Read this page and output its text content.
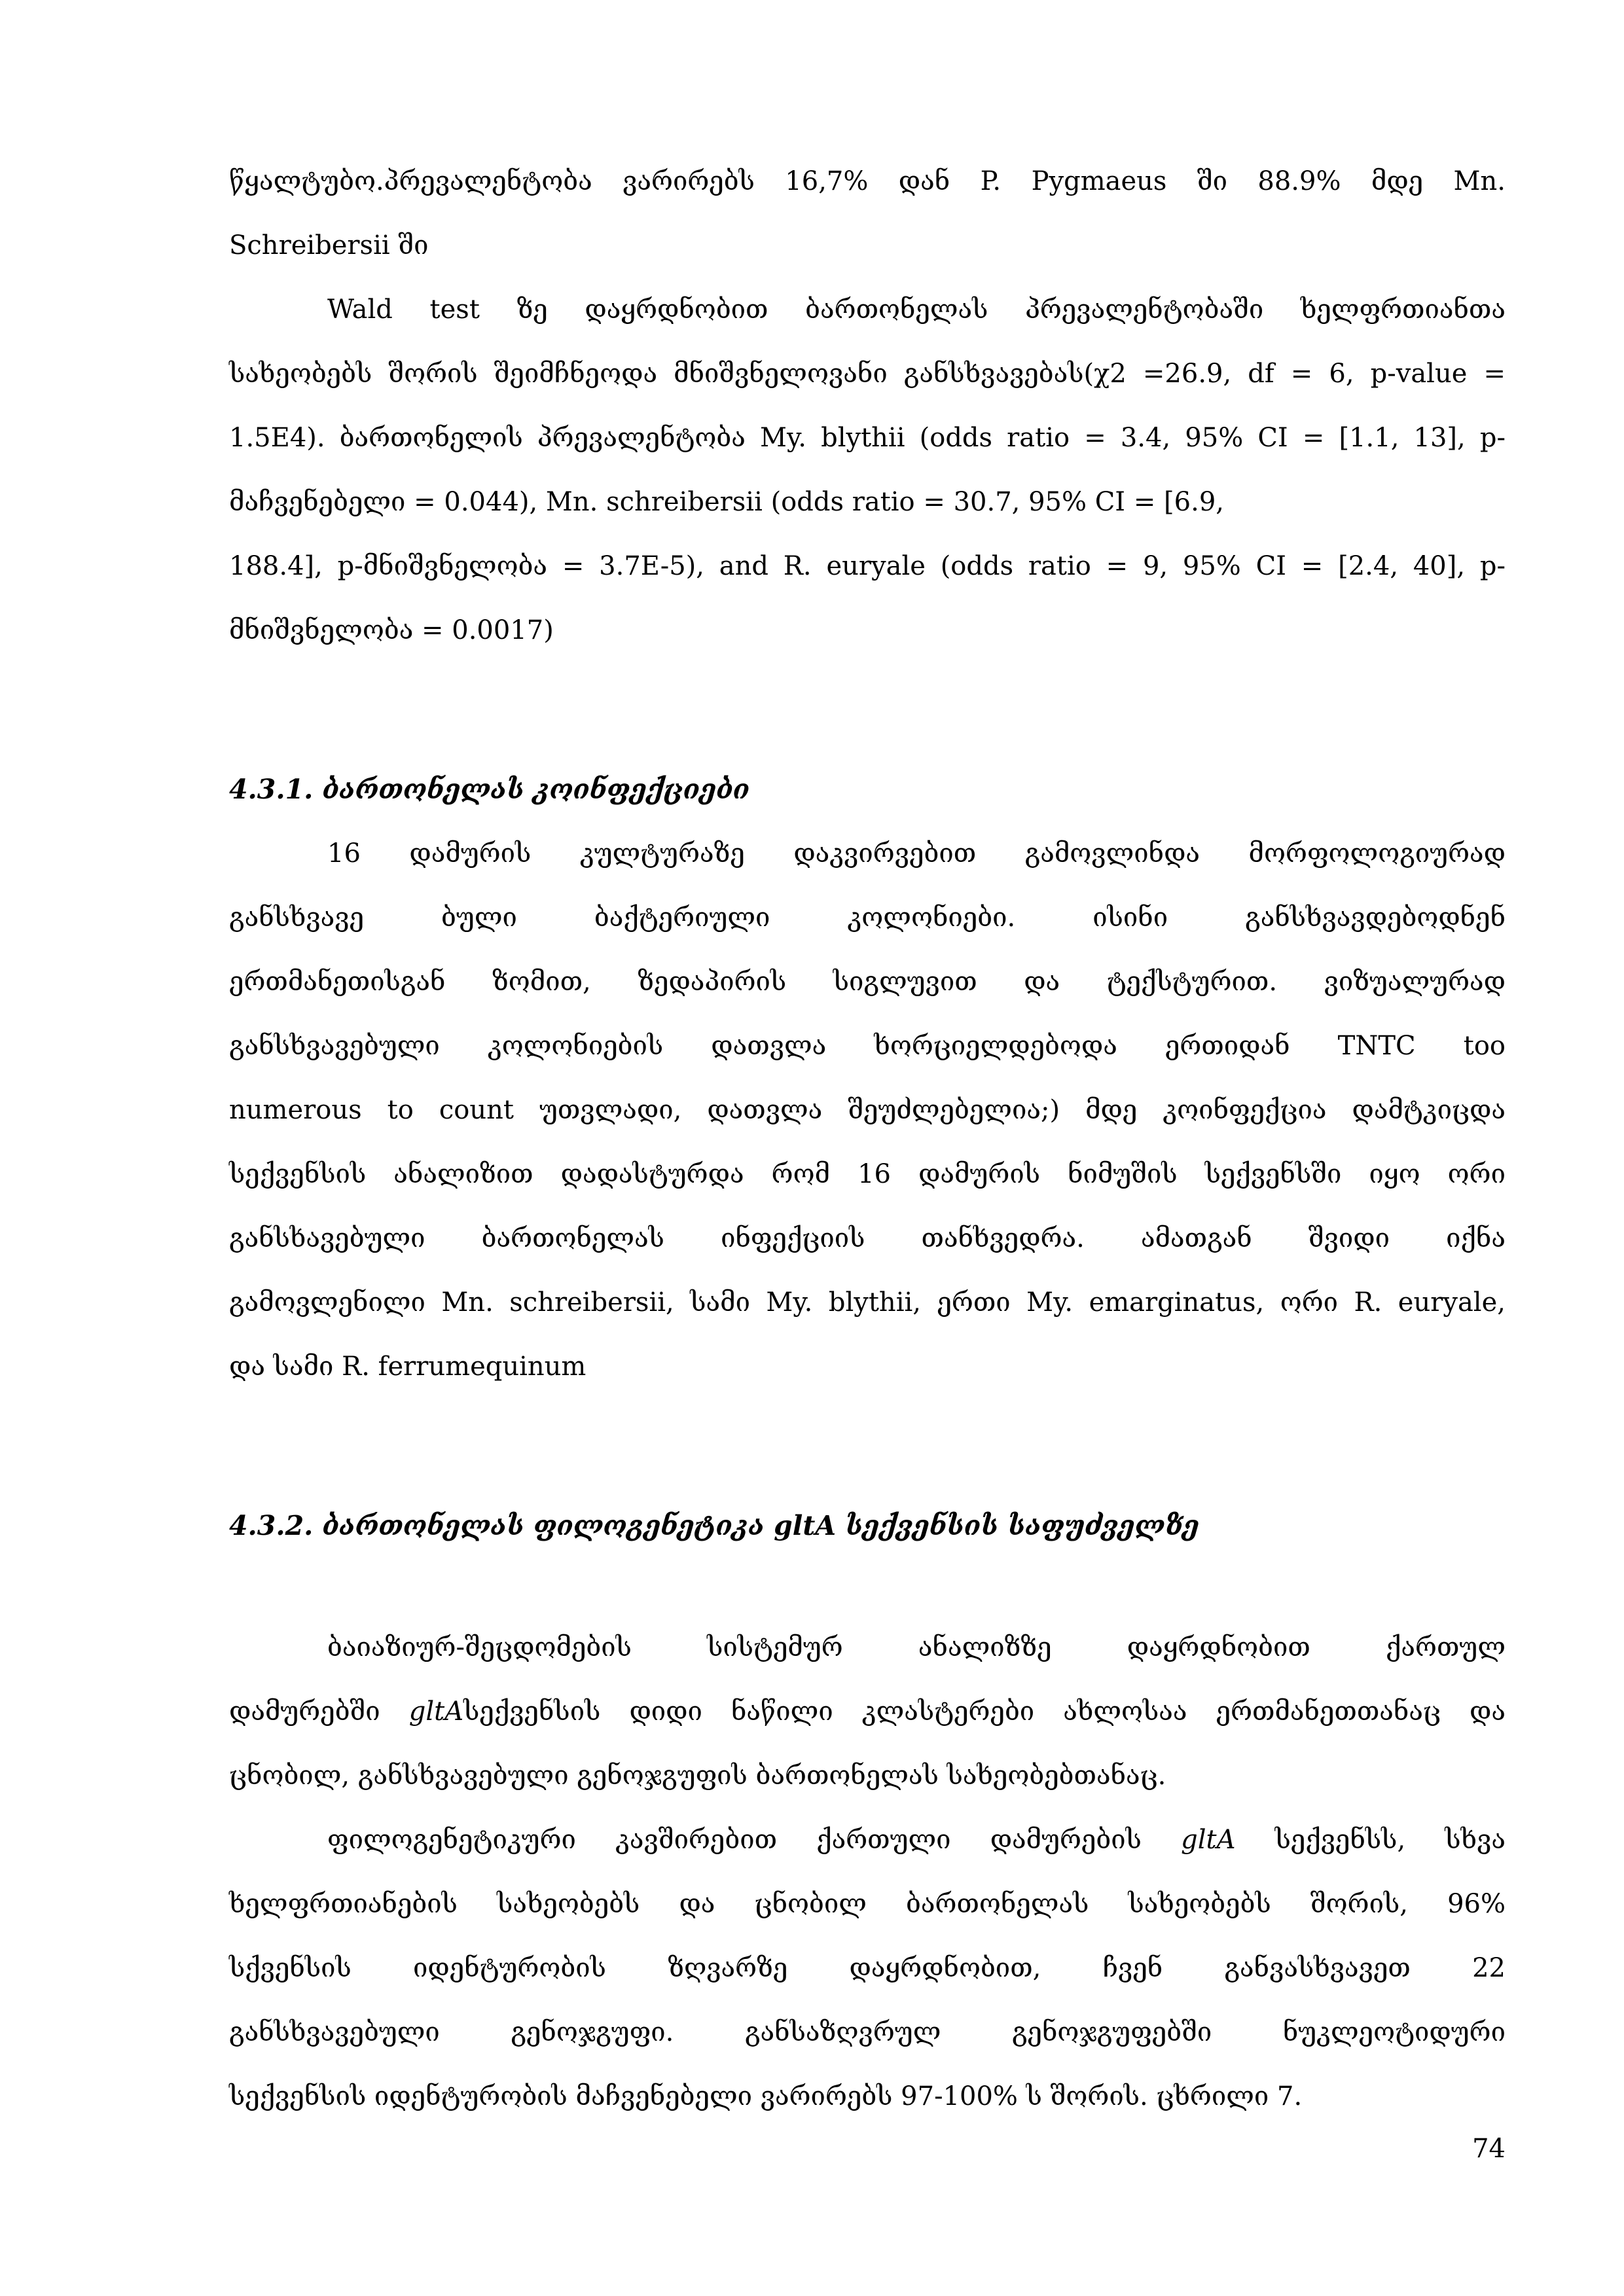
წყალტუბო.პრევალენტობა ვარირებს 16,7% დან P. Pygmaeus ში 88.9% მდე Mn.
Schreibersii ში
Wald test ზე დაყრდნობით ბართონელას პრევალენტობაში ხელფრთიანთა
სახეობებს შორის შეიმჩნეოდა მნიშვნელოვანი განსხვავებას(χ2 =26.9, df = 6, p-value =
1.5E4). ბართონელის პრევალენტობა My. blythii (odds ratio = 3.4, 95% CI = [1.1, 13], p-
მაჩვენებელი = 0.044), Mn. schreibersii (odds ratio = 30.7, 95% CI = [6.9,
188.4], p-მნიშვნელობა = 3.7E-5), and R. euryale (odds ratio = 9, 95% CI = [2.4, 40], p-
მნიშვნელობა = 0.0017)
4.3.1. ბართონელას კოინფექციები
16 დამურის კულტურაზე დაკვირვებით გამოვლინდა მორფოლოგიურად
განსხვავე ბული ბაქტერიული კოლონიები. ისინი განსხვავდებოდნენ
ერთმანეთისგან ზომით, ზედაპირის სიგლუვით და ტექსტურით. ვიზუალურად
განსხვავებული კოლონიების დათვლა ხორციელდებოდა ერთიდან TNTC too
numerous to count უთვლადი, დათვლა შეუძლებელია;) მდე კოინფექცია დამტკიცდა
სექვენსის ანალიზით დადასტურდა რომ 16 დამურის ნიმუშის სექვენსში იყო ორი
განსხავებული ბართონელას ინფექციის თანხვედრა. ამათგან შვიდი იქნა
გამოვლენილი Mn. schreibersii, სამი My. blythii, ერთი My. emarginatus, ორი R. euryale,
და სამი R. ferrumequinum
4.3.2. ბართონელას ფილოგენეტიკა gltA სექვენსის საფუძველზე
ბაიაზიურ-შეცდომების სისტემურ ანალიზზე დაყრდნობით ქართულ
დამურებში gltAსექვენსის დიდი ნაწილი კლასტერები ახლოსაა ერთმანეთთანაც და
ცნობილ, განსხვავებული გენოჯგუფის ბართონელას სახეობებთანაც.
ფილოგენეტიკური კავშირებით ქართული დამურების gltA სექვენსს, სხვა
ხელფრთიანების სახეობებს და ცნობილ ბართონელას სახეობებს შორის, 96%
სქვენსის იდენტურობის ზღვარზე დაყრდნობით, ჩვენ განვასხვავეთ 22
განსხვავებული გენოჯგუფი. განსაზღვრულ გენოჯგუფებში ნუკლეოტიდური
სექვენსის იდენტურობის მაჩვენებელი ვარირებს 97-100% ს შორის. ცხრილი 7.
74
